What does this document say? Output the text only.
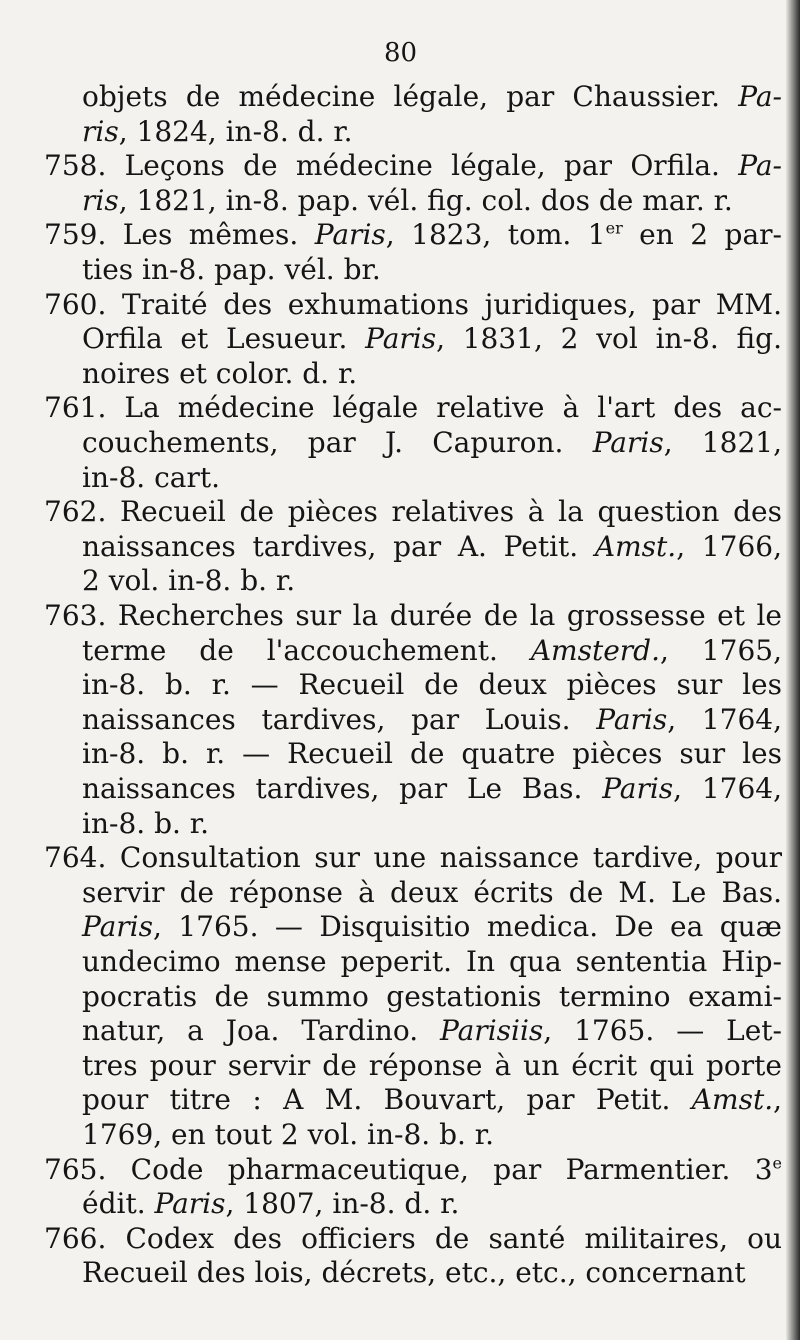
80
objets de médecine légale, par Chaussier. Pa-
ris, 1824, in-8. d. r.
758. Leçons de médecine légale, par Orfila. Pa-
ris, 1821, in-8. pap. vél. fig. col. dos de mar. r.
759. Les mêmes. Paris, 1823, tom. 1er en 2 par-
ties in-8. pap. vél. br.
760. Traité des exhumations juridiques, par MM.
Orfila et Lesueur. Paris, 1831, 2 vol in-8. fig.
noires et color. d. r.
761. La médecine légale relative à l'art des ac-
couchements, par J. Capuron. Paris, 1821,
in-8. cart.
762. Recueil de pièces relatives à la question des
naissances tardives, par A. Petit. Amst., 1766,
2 vol. in-8. b. r.
763. Recherches sur la durée de la grossesse et le
terme de l'accouchement. Amsterd., 1765,
in-8. b. r. — Recueil de deux pièces sur les
naissances tardives, par Louis. Paris, 1764,
in-8. b. r. — Recueil de quatre pièces sur les
naissances tardives, par Le Bas. Paris, 1764,
in-8. b. r.
764. Consultation sur une naissance tardive, pour
servir de réponse à deux écrits de M. Le Bas.
Paris, 1765. — Disquisitio medica. De ea quæ
undecimo mense peperit. In qua sententia Hip-
pocratis de summo gestationis termino exami-
natur, a Joa. Tardino. Parisiis, 1765. — Let-
tres pour servir de réponse à un écrit qui porte
pour titre : A M. Bouvart, par Petit. Amst.,
1769, en tout 2 vol. in-8. b. r.
765. Code pharmaceutique, par Parmentier. 3e
édit. Paris, 1807, in-8. d. r.
766. Codex des officiers de santé militaires, ou
Recueil des lois, décrets, etc., etc., concernant
